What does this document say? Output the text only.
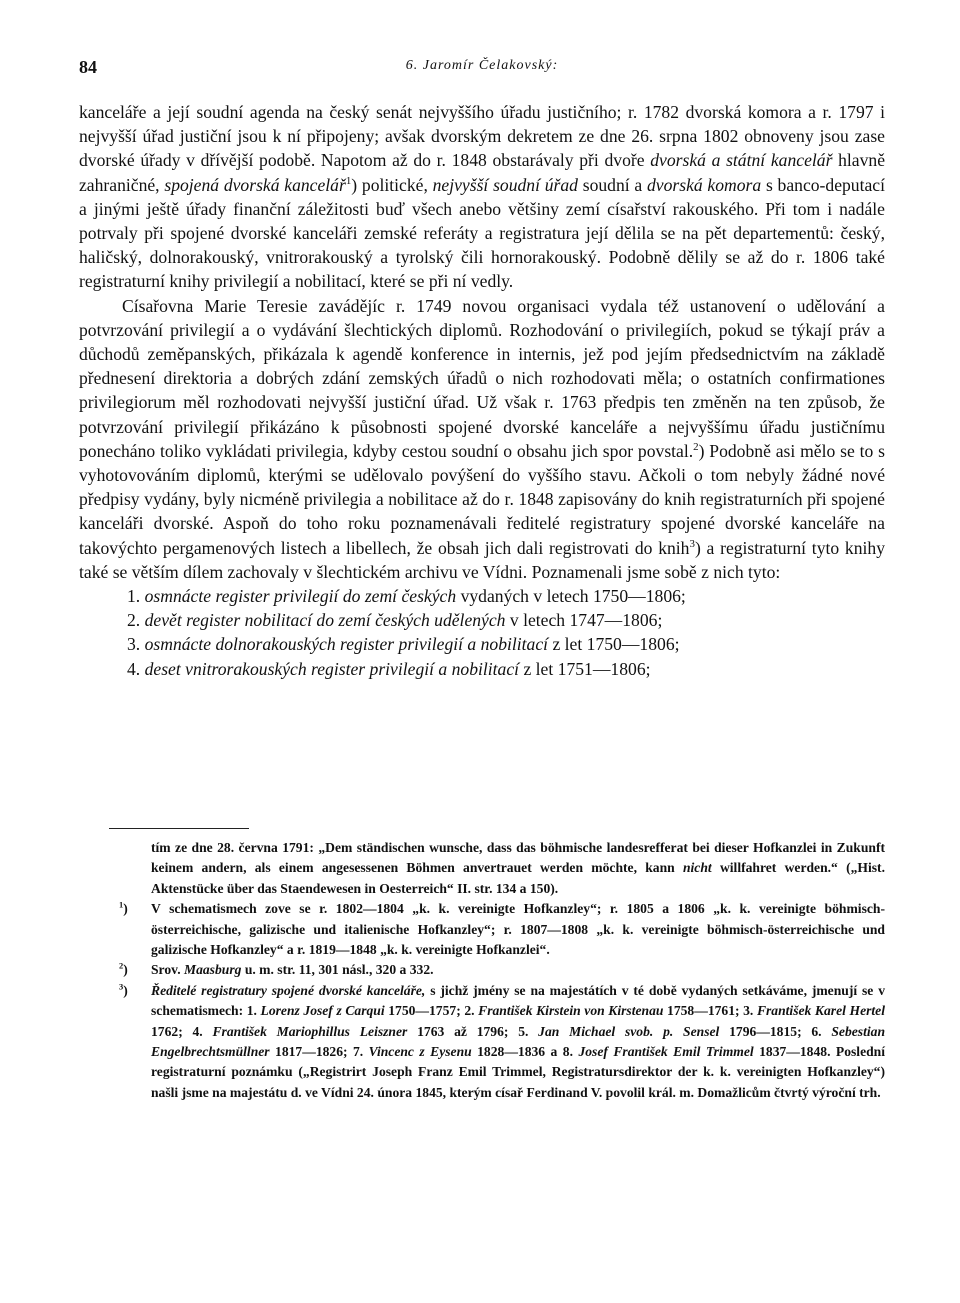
84	6. Jaromír Čelakovský:

kanceláře a její soudní agenda na český senát nejvyššího úřadu justičního; r. 1782 dvorská komora a r. 1797 i nejvyšší úřad justiční jsou k ní připojeny; avšak dvorským dekretem ze dne 26. srpna 1802 obnoveny jsou zase dvorské úřady v dřívější podobě. Napotom až do r. 1848 obstarávaly při dvoře dvorská a státní kancelář hlavně zahraničné, spojená dvorská kancelář$^1$) politické, nejvyšší soudní úřad soudní a dvorská komora s banco-deputací a jinými ještě úřady finanční záležitosti buď všech anebo většiny zemí císařství rakouského. Při tom i nadále potrvaly při spojené dvorské kanceláři zemské referáty a registratura její dělila se na pět departementů: český, haličský, dolnorakouský, vnitrorakouský a tyrolský čili hornorakouský. Podobně dělily se až do r. 1806 také registraturní knihy privilegií a nobilitací, které se při ní vedly.

Císařovna Marie Teresie zavádějíc r. 1749 novou organisaci vydala též ustanovení o udělování a potvrzování privilegií a o vydávání šlechtických diplomů. Rozhodování o privilegiích, pokud se týkají práv a důchodů zeměpanských, přikázala k agendě konference in internis, jež pod jejím předsednictvím na základě přednesení direktoria a dobrých zdání zemských úřadů o nich rozhodovati měla; o ostatních confirmationes privilegiorum měl rozhodovati nejvyšší justiční úřad. Už však r. 1763 předpis ten změněn na ten způsob, že potvrzování privilegií přikázáno k působnosti spojené dvorské kanceláře a nejvyššímu úřadu justičnímu ponecháno toliko vykládati privilegia, kdyby cestou soudní o obsahu jich spor povstal.$^2$) Podobně asi mělo se to s vyhotovováním diplomů, kterými se udělovalo povýšení do vyššího stavu. Ačkoli o tom nebyly žádné nové předpisy vydány, byly nicméně privilegia a nobilitace až do r. 1848 zapisovány do knih registraturních při spojené kanceláři dvorské. Aspoň do toho roku poznamenávali ředitelé registratury spojené dvorské kanceláře na takovýchto pergamenových listech a libellech, že obsah jich dali registrovati do knih$^3$) a registraturní tyto knihy také se větším dílem zachovaly v šlechtickém archivu ve Vídni. Poznamenali jsme sobě z nich tyto:

1. osmnácte register privilegií do zemí českých vydaných v letech 1750—1806;
2. devět register nobilitací do zemí českých udělených v letech 1747—1806;
3. osmnácte dolnorakouských register privilegií a nobilitací z let 1750—1806;
4. deset vnitrorakouských register privilegií a nobilitací z let 1751—1806;

tím ze dne 28. června 1791: „Dem ständischen wunsche, dass das böhmische landesrefferat bei dieser Hofkanzlei in Zukunft keinem andern, als einem angesessenen Böhmen anvertrauet werden möchte, kann nicht willfahret werden.“ („Hist. Aktenstücke über das Staendewesen in Oesterreich“ II. str. 134 a 150).

$^1$) V schematismech zove se r. 1802—1804 „k. k. vereinigte Hofkanzley“; r. 1805 a 1806 „k. k. vereinigte böhmisch-österreichische, galizische und italienische Hofkanzley“; r. 1807—1808 „k. k. vereinigte böhmisch-österreichische und galizische Hofkanzley“ a r. 1819—1848 „k. k. vereinigte Hofkanzlei“.

$^2$) Srov. Maasburg u. m. str. 11, 301 násl., 320 a 332.

$^3$) Ředitelé registratury spojené dvorské kanceláře, s jichž jmény se na majestátích v té době vydaných setkáváme, jmenují se v schematismech: 1. Lorenz Josef z Carqui 1750—1757; 2. František Kirstein von Kirstenau 1758—1761; 3. František Karel Hertel 1762; 4. František Mariophillus Leiszner 1763 až 1796; 5. Jan Michael svob. p. Sensel 1796—1815; 6. Sebestian Engelbrechtsmüllner 1817—1826; 7. Vincenc z Eysenu 1828—1836 a 8. Josef František Emil Trimmel 1837—1848. Poslední registraturní poznámku („Registrirt Joseph Franz Emil Trimmel, Registratursdirektor der k. k. vereinigten Hofkanzley“) našli jsme na majestátu d. ve Vídni 24. února 1845, kterým císař Ferdinand V. povolil král. m. Domažlicům čtvrtý výroční trh.
